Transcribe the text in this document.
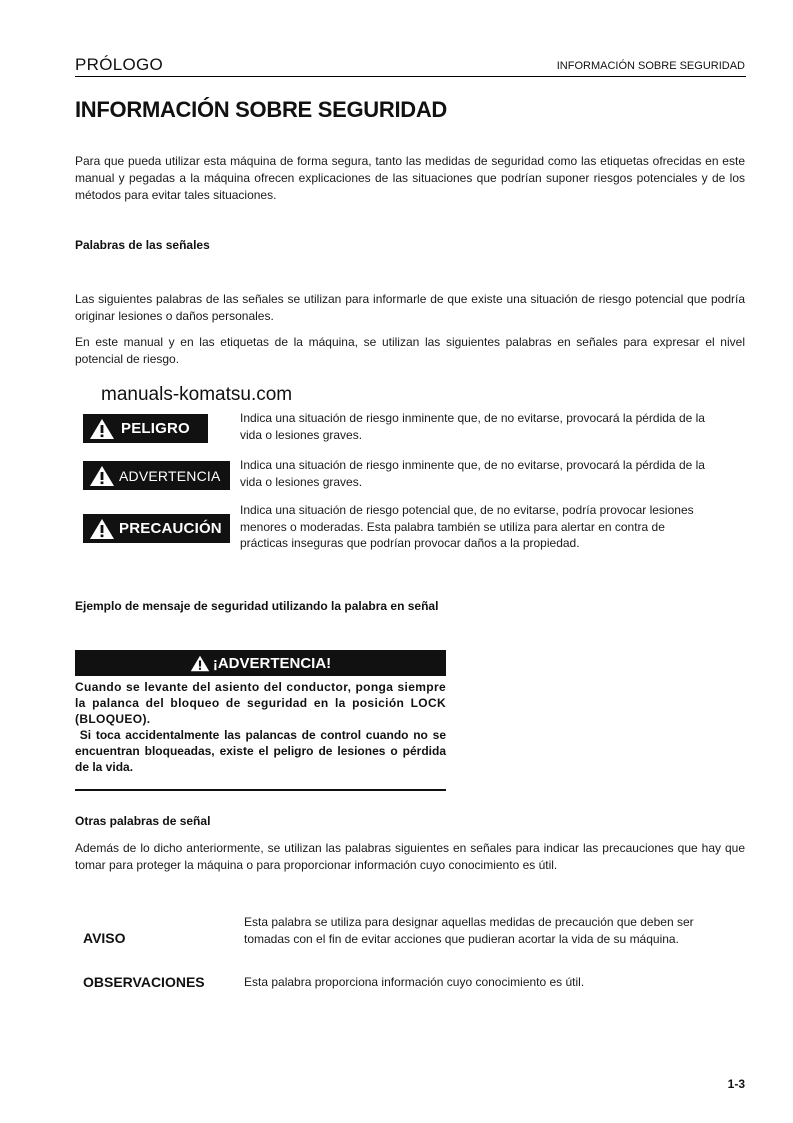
PRÓLOGO	INFORMACIÓN SOBRE SEGURIDAD
INFORMACIÓN SOBRE SEGURIDAD
Para que pueda utilizar esta máquina de forma segura, tanto las medidas de seguridad como las etiquetas ofrecidas en este manual y pegadas a la máquina ofrecen explicaciones de las situaciones que podrían suponer riesgos potenciales y de los métodos para evitar tales situaciones.
Palabras de las señales
Las siguientes palabras de las señales se utilizan para informarle de que existe una situación de riesgo potencial que podría originar lesiones o daños personales.
En este manual y en las etiquetas de la máquina, se utilizan las siguientes palabras en señales para expresar el nivel potencial de riesgo.
manuals-komatsu.com
PELIGRO
Indica una situación de riesgo inminente que, de no evitarse, provocará la pérdida de la vida o lesiones graves.
ADVERTENCIA
Indica una situación de riesgo inminente que, de no evitarse, provocará la pérdida de la vida o lesiones graves.
PRECAUCIÓN
Indica una situación de riesgo potencial que, de no evitarse, podría provocar lesiones menores o moderadas. Esta palabra también se utiliza para alertar en contra de prácticas inseguras que podrían provocar daños a la propiedad.
Ejemplo de mensaje de seguridad utilizando la palabra en señal
¡ADVERTENCIA!
Cuando se levante del asiento del conductor, ponga siempre la palanca del bloqueo de seguridad en la posición LOCK (BLOQUEO).
Si toca accidentalmente las palancas de control cuando no se encuentran bloqueadas, existe el peligro de lesiones o pérdida de la vida.
Otras palabras de señal
Además de lo dicho anteriormente, se utilizan las palabras siguientes en señales para indicar las precauciones que hay que tomar para proteger la máquina o para proporcionar información cuyo conocimiento es útil.
AVISO
Esta palabra se utiliza para designar aquellas medidas de precaución que deben ser tomadas con el fin de evitar acciones que pudieran acortar la vida de su máquina.
OBSERVACIONES	Esta palabra proporciona información cuyo conocimiento es útil.
1-3
